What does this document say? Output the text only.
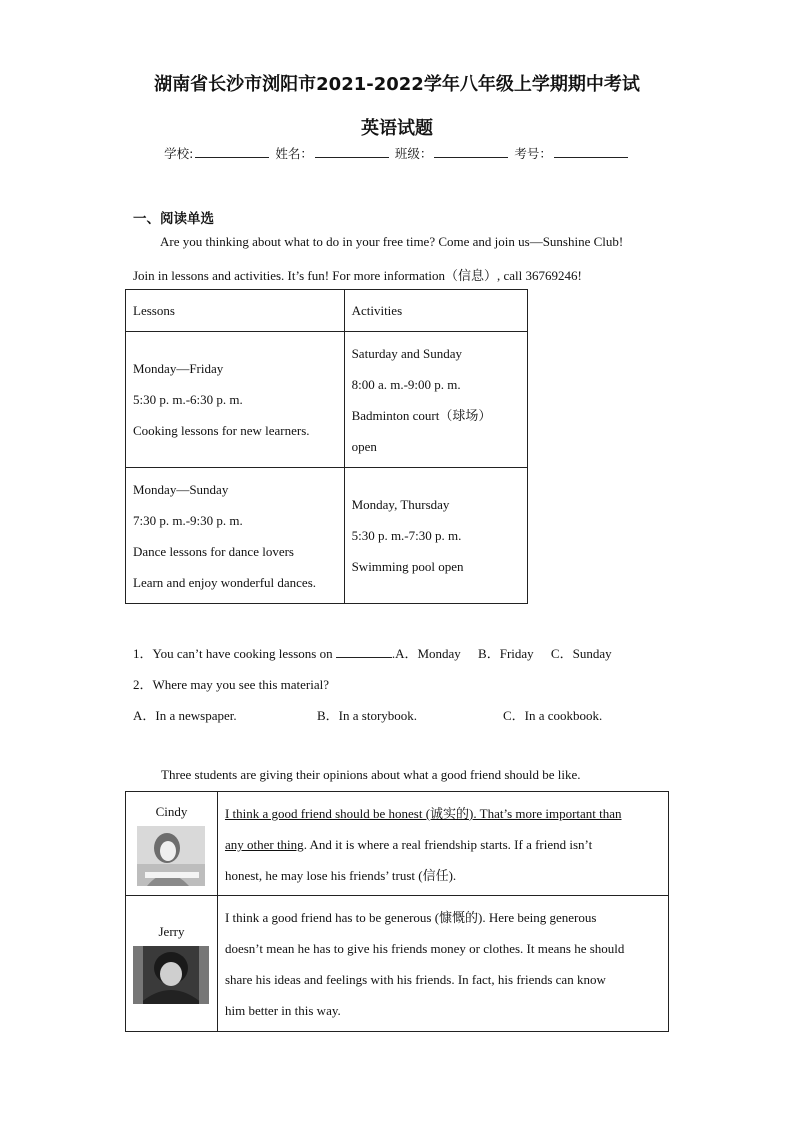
湖南省长沙市浏阳市2021-2022学年八年级上学期期中考试
英语试题
学校:	姓名：	班级：	考号：
一、阅读单选
Are you thinking about what to do in your free time? Come and join us—Sunshine Club!
Join in lessons and activities. It’s fun! For more information（信息）, call 36769246!
Lessons	Activities

Monday—Friday
5:30 p. m.-6:30 p. m.
Cooking lessons for new learners.	Saturday and Sunday
8:00 a. m.-9:00 p. m.
Badminton court（球场）
open

Monday—Sunday
7:30 p. m.-9:30 p. m.
Dance lessons for dance lovers
Learn and enjoy wonderful dances.	Monday, Thursday
5:30 p. m.-7:30 p. m.
Swimming pool open
1．You can’t have cooking lessons on	.A．Monday B．Friday C．Sunday
2．Where may you see this material?
A．In a newspaper.	B．In a storybook.	C．In a cookbook.
Three students are giving their opinions about what a good friend should be like.
Cindy	I think a good friend should be honest (诚实的). That’s more important than
any other thing. And it is where a real friendship starts. If a friend isn’t
honest, he may lose his friends’ trust (信任).

Jerry	I think a good friend has to be generous (慷慨的). Here being generous
doesn’t mean he has to give his friends money or clothes. It means he should
share his ideas and feelings with his friends. In fact, his friends can know
him better in this way.
